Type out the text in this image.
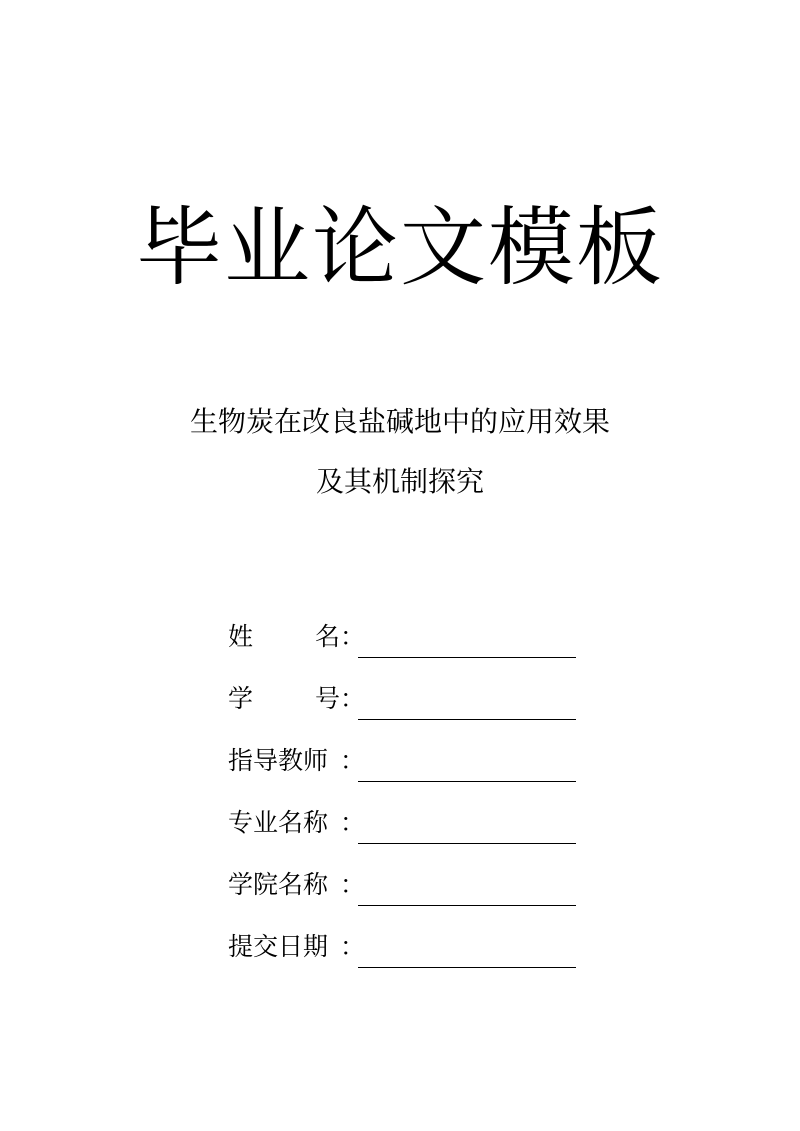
毕业论文模板
生物炭在改良盐碱地中的应用效果
及其机制探究
姓 名 ：
学 号 ：
指导教师 ：
专业名称 ：
学院名称 ：
提交日期 ：
